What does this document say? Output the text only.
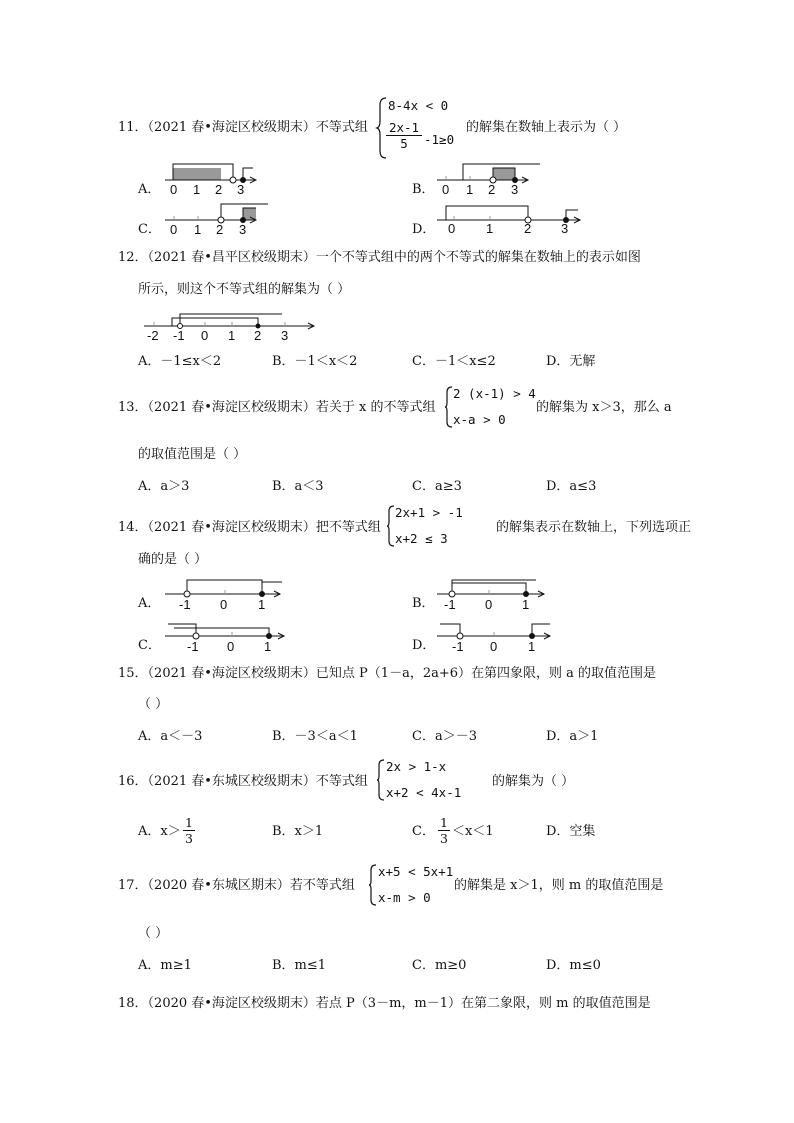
11．（2021 春•海淀区校级期末）不等式组
8-4x < 0
$\frac{2x-1}{5} -1\ge 0$
的解集在数轴上表示为（ ）
A． 0 1 2 3	B． 0 1 2 3
C． 0 1 2 3	D． 0 1 2 3
12．（2021 春•昌平区校级期末）一个不等式组中的两个不等式的解集在数轴上的表示如图
所示，则这个不等式组的解集为（ ）
-2 -1 0 1 2 3
A．－1≤x＜2	B．－1＜x＜2	C．－1＜x≤2	D．无解
13．（2021 春•海淀区校级期末）若关于 x 的不等式组
2 (x-1) > 4
x-a > 0
的解集为 x＞3，那么 a
的取值范围是（ ）
A．a＞3	B．a＜3	C．a≥3	D．a≤3
14．（2021 春•海淀区校级期末）把不等式组
2x+1 > -1
x+2 ≤ 3
的解集表示在数轴上，下列选项正
确的是（ ）
A． -1 0 1	B． -1 0 1
C． -1 0 1	D． -1 0 1
15．（2021 春•海淀区校级期末）已知点 P（1－a，2a+6）在第四象限，则 a 的取值范围是
（ ）
A．a＜－3	B．－3＜a＜1	C．a＞－3	D．a＞1
16．（2021 春•东城区校级期末）不等式组
2x > 1-x
x+2 < 4x-1
的解集为（ ）
A．$x> \frac{1}{3}$	B．x＞1	C． $\frac{1}{3} <x<1$	D．空集
17．（2020 春•东城区期末）若不等式组
x+5 < 5x+1
x-m > 0
的解集是 x＞1，则 m 的取值范围是
（ ）
A．m≥1	B．m≤1	C．m≥0	D．m≤0
18．（2020 春•海淀区校级期末）若点 P（3－m，m－1）在第二象限，则 m 的取值范围是
